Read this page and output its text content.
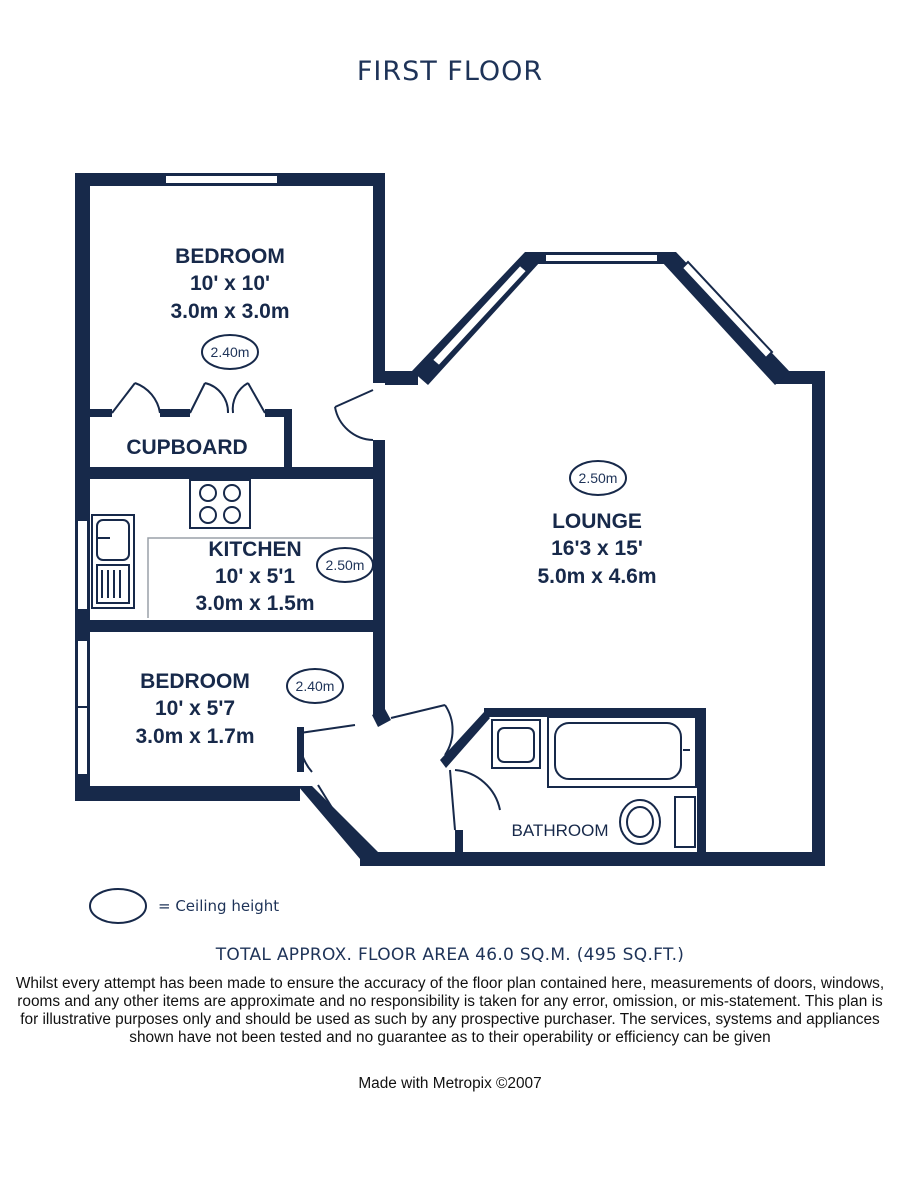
FIRST FLOOR
BEDROOM
10' x 10'
3.0m x 3.0m
2.40m
CUPBOARD
KITCHEN
10' x 5'1
3.0m x 1.5m
2.50m
LOUNGE
16'3 x 15'
5.0m x 4.6m
2.50m
BEDROOM
10' x 5'7
3.0m x 1.7m
2.40m
BATHROOM
= Ceiling height
TOTAL APPROX. FLOOR AREA 46.0 SQ.M. (495 SQ.FT.)
Whilst every attempt has been made to ensure the accuracy of the floor plan contained here, measurements of doors, windows, rooms and any other items are approximate and no responsibility is taken for any error, omission, or mis-statement. This plan is for illustrative purposes only and should be used as such by any prospective purchaser. The services, systems and appliances shown have not been tested and no guarantee as to their operability or efficiency can be given
Made with Metropix ©2007
